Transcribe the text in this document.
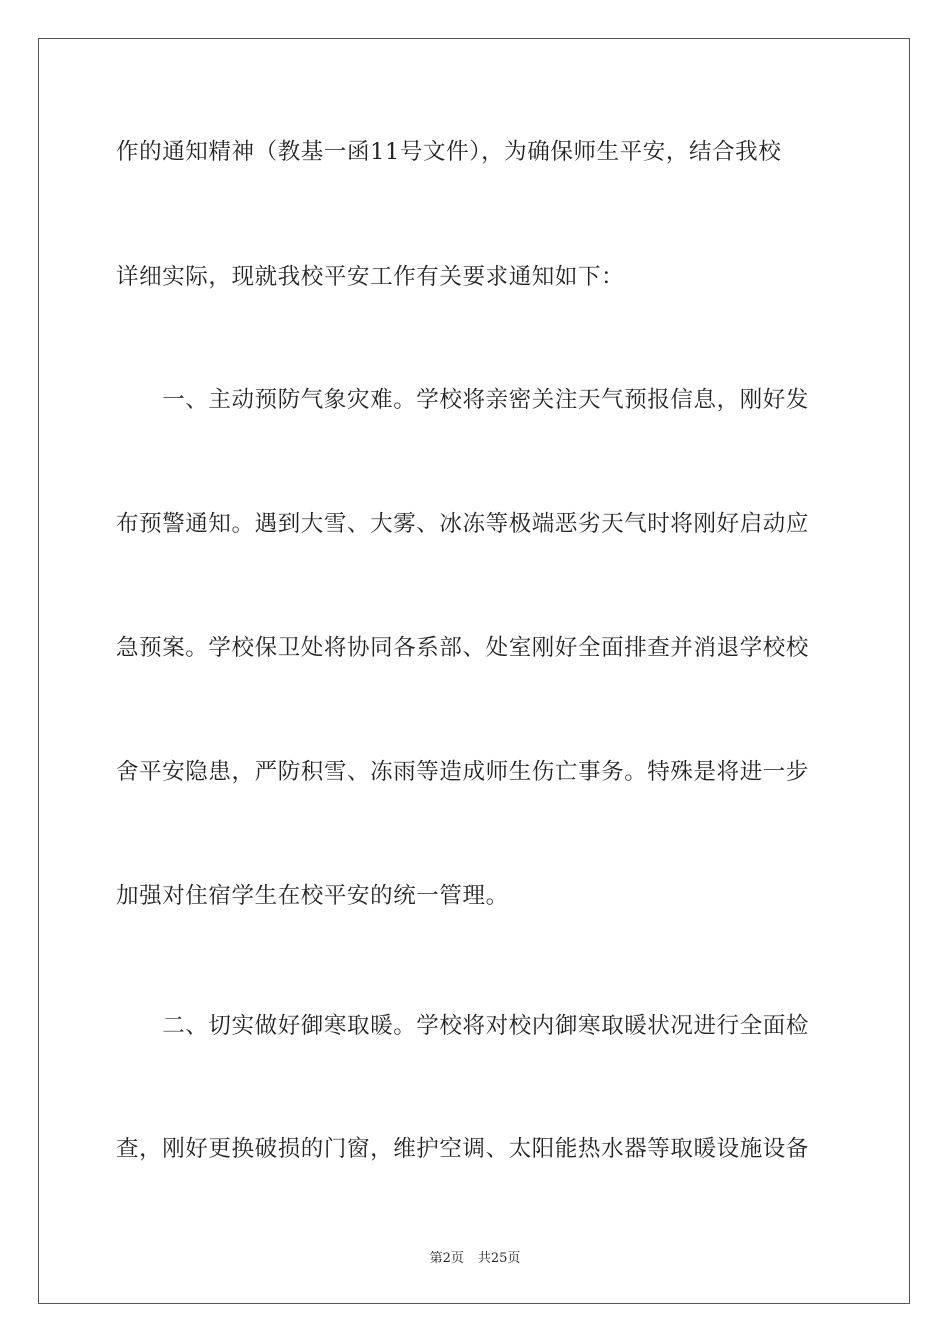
作的通知精神（教基一函11号文件），为确保师生平安，结合我校
详细实际，现就我校平安工作有关要求通知如下：
　　一、主动预防气象灾难。学校将亲密关注天气预报信息，刚好发
布预警通知。遇到大雪、大雾、冰冻等极端恶劣天气时将刚好启动应
急预案。学校保卫处将协同各系部、处室刚好全面排查并消退学校校
舍平安隐患，严防积雪、冻雨等造成师生伤亡事务。特殊是将进一步
加强对住宿学生在校平安的统一管理。
　　二、切实做好御寒取暖。学校将对校内御寒取暖状况进行全面检
查，刚好更换破损的门窗，维护空调、太阳能热水器等取暖设施设备
第2页 共25页
